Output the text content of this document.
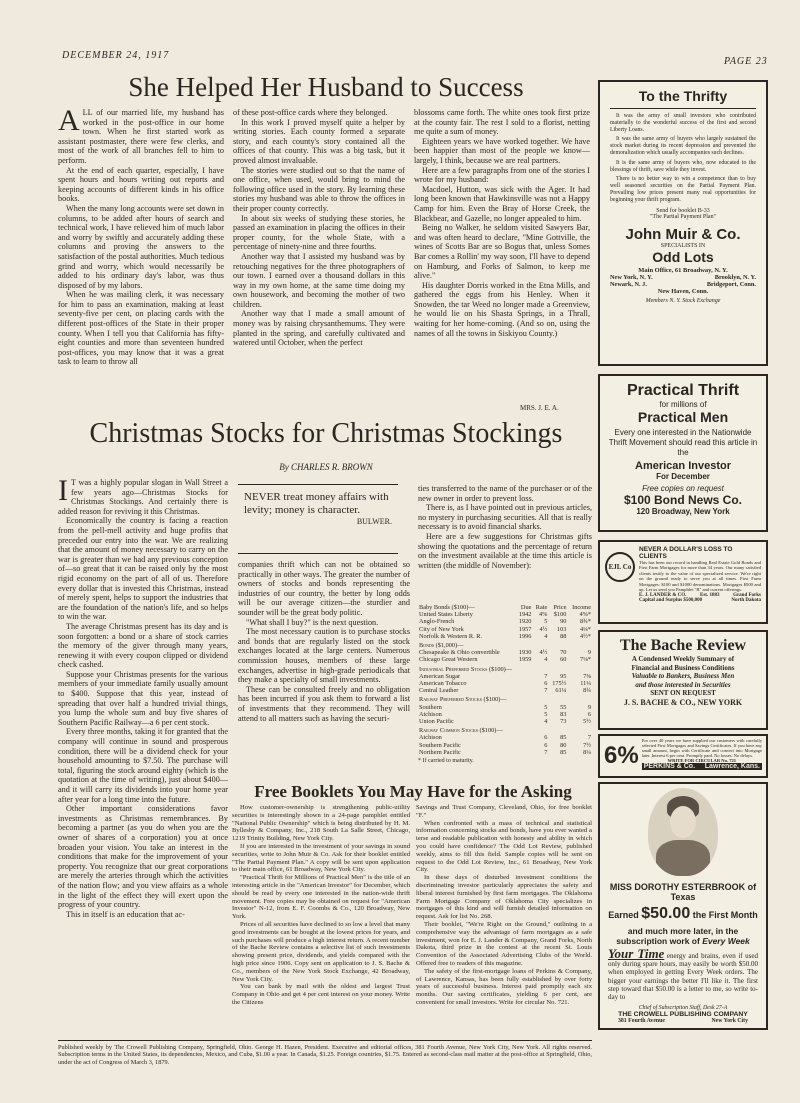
DECEMBER 24, 1917
PAGE 23
She Helped Her Husband to Success

ALL of our married life, my husband has worked in the post-office in our home town. When he first started work as assistant postmaster, there were few clerks, and most of the work of all branches fell to him to perform.

At the end of each quarter, especially, I have spent hours and hours writing out reports and keeping accounts of different kinds in his office books.

When the many long accounts were set down in columns, to be added after hours of search and technical work, I have relieved him of much labor and worry by swiftly and accurately adding these columns and proving the answers to the satisfaction of the postal authorities. Much tedious grind and worry, which would necessarily be added to his ordinary day's labor, was thus disposed of by my labors.

When he was mailing clerk, it was necessary for him to pass an examination, making at least seventy-five per cent, on placing cards with the different post-offices of the State in their proper county. When I tell you that California has fifty-eight counties and more than seventeen hundred post-offices, you may know that it was a great task to learn to throw all

of these post-office cards where they belonged.

In this work I proved myself quite a helper by writing stories. Each county formed a separate story, and each county's story contained all the offices of that county. This was a big task, but it proved almost invaluable.

The stories were studied out so that the name of one office, when used, would bring to mind the following office used in the story. By learning these stories my husband was able to throw the offices in their proper county correctly.

In about six weeks of studying these stories, he passed an examination in placing the offices in their proper county, for the whole State, with a percentage of ninety-nine and three fourths.

Another way that I assisted my husband was by retouching negatives for the three photographers of our town. I earned over a thousand dollars in this way in my own home, at the same time doing my own housework, and becoming the mother of two children.

Another way that I made a small amount of money was by raising chrysanthemums. They were planted in the spring, and carefully cultivated and watered until October, when the perfect

blossoms came forth. The white ones took first prize at the county fair. The rest I sold to a florist, netting me quite a sum of money.

Eighteen years we have worked together. We have been happier than most of the people we know—largely, I think, because we are real partners.

Here are a few paragraphs from one of the stories I wrote for my husband:

Macdoel, Hutton, was sick with the Ager. It had long been known that Hawkinsville was not a Happy Camp for him. Even the Bray of Horse Creek, the Blackbear, and Gazelle, no longer appealed to him.

Being no Walker, he seldom visited Sawyers Bar, and was often heard to declare, "Mine Gottville, the wines of Scotts Bar are so Bogus that, unless Somes Bar comes a Rollin' my way soon, I'll have to depend on Hamburg, and Forks of Salmon, to keep me alive."

His daughter Dorris worked in the Etna Mills, and gathered the eggs from his Henley. When it Snowden, the tar Weed no longer made a Greenview, he would lie on his Shasta Springs, in a Thrall, waiting for her home-coming. (And so on, using the names of all the towns in Siskiyou County.)

MRS. J. E. A.
Christmas Stocks for Christmas Stockings
By CHARLES R. BROWN

IT was a highly popular slogan in Wall Street a few years ago—Christmas Stocks for Christmas Stockings. And certainly there is added reason for reviving it this Christmas.

Economically the country is facing a reaction from the pell-mell activity and huge profits that preceded our entry into the war. We are realizing that the amount of money necessary to carry on the war is greater than we had any previous conception of—so great that it can be raised only by the most rigid economy on the part of all of us. Therefore every dollar that is invested this Christmas, instead of merely spent, helps to support the industries that are the foundation of the nation's life, and so helps to win the war.

The average Christmas present has its day and is soon forgotten: a bond or a share of stock carries the memory of the giver through many years, renewing it with every coupon clipped or dividend check cashed.

Suppose your Christmas presents for the various members of your immediate family usually amount to $400. Suppose that this year, instead of spreading that over half a hundred trivial things, you lump the whole sum and buy five shares of Southern Pacific Railway—a 6 per cent stock.

Every three months, taking it for granted that the company will continue in sound and prosperous condition, there will be a dividend check for your household amounting to $7.50. The purchase will total, figuring the stock around eighty (which is the quotation at the time of writing), just about $400—and it will carry its dividends into your home year after year for a long time into the future.

Other important considerations favor investments as Christmas remembrances. By becoming a partner (as you do when you are the owner of shares of a corporation) you at once broaden your vision. You take an interest in the conditions that make for the improvement of your property. You recognize that our great corporations are merely the arteries through which the activities of the nation flow; and you view affairs as a whole in the light of the effect they will exert upon the progress of your country.

This in itself is an education that ac-

NEVER treat money affairs with levity; money is character.
BULWER.

companies thrift which can not be obtained so practically in other ways. The greater the number of owners of stocks and bonds representing the industries of our country, the better by long odds will be our average citizen—the sturdier and sounder will be the great body politic.

"What shall I buy?" is the next question.

The most necessary caution is to purchase stocks and bonds that are regularly listed on the stock exchanges located at the large centers. Numerous commission houses, members of these large exchanges, advertise in high-grade periodicals that they make a specialty of small investments.

These can be consulted freely and no obligation has been incurred if you ask them to forward a list of investments that they recommend. They will attend to all matters such as having the securi-

ties transferred to the name of the purchaser or of the new owner in order to prevent loss.

There is, as I have pointed out in previous articles, no mystery in purchasing securities. All that is really necessary is to avoid financial sharks.

Here are a few suggestions for Christmas gifts showing the quotations and the percentage of return on the investment available at the time this article is written (the middle of November):

Baby Bonds ($100)—	Due	Rate	Price	Income
United States Liberty	1942	4%	$100	4%*
Anglo-French	1920	5	90	8¾*
City of New York	1957	4½	103	4¼*
Norfolk & Western R. R.	1996	4	88	4½*
Bonds ($1,000)—				
Chesapeake & Ohio convertible	1930	4½	70	9
Chicago Great Western	1959	4	60	7⅛*
Industrial Preferred Stocks ($100)—				
American Sugar		7	95	7⅜
American Tobacco		6	175½	11¼
Central Leather		7	61¼	8¾
Railway Preferred Stocks ($100)—				
Southern		5	55	9
Atchison		5	83	6
Union Pacific		4	73	5½
Railway Common Stocks ($100)—				
Atchison		6	85	7
Southern Pacific		6	80	7½
Northern Pacific		7	85	8¼
* If carried to maturity.
Free Booklets You May Have for the Asking

How customer-ownership is strengthening public-utility securities is interestingly shown in a 24-page pamphlet entitled "National Public Ownership" which is being distributed by H. M. Byllesby & Company, Inc., 218 South La Salle Street, Chicago, 1219 Trinity Building, New York City.

If you are interested in the investment of your savings in sound securities, write to John Muir & Co. Ask for their booklet entitled "The Partial Payment Plan." A copy will be sent upon application to their main office, 61 Broadway, New York City.

"Practical Thrift for Millions of Practical Men" is the title of an interesting article in the "American Investor" for December, which should be read by every one interested in the nation-wide thrift movement. Free copies may be obtained on request for "American Investor" N-12, from E. F. Coombs & Co., 120 Broadway, New York.

Prices of all securities have declined to so low a level that many good investments can be bought at the lowest prices for years, and such purchases will produce a high interest return. A recent number of the Bache Review contains a selective list of such investments showing present price, dividends, and yields compared with the high price since 1906. Copy sent on application to J. S. Bache & Co., members of the New York Stock Exchange, 42 Broadway, New York City.

You can bank by mail with the oldest and largest Trust Company in Ohio and get 4 per cent interest on your money. Write the Citizens

Savings and Trust Company, Cleveland, Ohio, for free booklet "F."

When confronted with a mass of technical and statistical information concerning stocks and bonds, have you ever wanted a terse and readable publication with honesty and ability in which you could have confidence? The Odd Lot Review, published weekly, aims to fill this field. Sample copies will be sent on request to the Odd Lot Review, Inc., 61 Broadway, New York City.

In these days of disturbed investment conditions the discriminating investor particularly appreciates the safety and liberal interest furnished by first farm mortgages. The Oklahoma Farm Mortgage Company of Oklahoma City specializes in mortgages of this kind and will furnish detailed information on request. Ask for list No. 268.

Their booklet, "We're Right on the Ground," outlining in a comprehensive way the advantage of farm mortgages as a safe investment, won for E. J. Lander & Company, Grand Forks, North Dakota, third prize in the contest at the recent St. Louis Convention of the Associated Advertising Clubs of the World. Offered free to readers of this magazine.

The safety of the first-mortgage loans of Perkins & Company, of Lawrence, Kansas, has been fully established by over forty years of successful business. Interest paid promptly each six months. Our saving certificates, yielding 6 per cent, are convenient for small investors. Write for circular No. 721.

Published weekly by The Crowell Publishing Company, Springfield, Ohio. George H. Hazen, President. Executive and editorial offices, 381 Fourth Avenue, New York City, New York. All rights reserved. Subscription terms in the United States, its dependencies, Mexico, and Cuba, $1.00 a year. In Canada, $1.25. Foreign countries, $1.75. Entered as second-class mail matter at the post-office at Springfield, Ohio, under the act of Congress of March 3, 1879.
To the Thrifty

It was the army of small investors who contributed materially to the wonderful success of the first and second Liberty Loans.

It was the same army of buyers who largely sustained the stock market during its recent depression and prevented the demoralization which usually accompanies such declines.

It is the same army of buyers who, now educated to the blessings of thrift, save while they invest.

There is no better way to win a competence than to buy well seasoned securities on the Partial Payment Plan. Prevailing low prices present many real opportunities for beginning your thrift program.

Send for booklet B-33
"The Partial Payment Plan"
John Muir & Co.
SPECIALISTS IN
Odd Lots
Main Office, 61 Broadway, N. Y.
New York, N. Y.	Brooklyn, N. Y.
Newark, N. J.	Bridgeport, Conn.
New Haven, Conn.
Members N. Y. Stock Exchange
Practical Thrift
for millions of
Practical Men
Every one interested in the Nationwide Thrift Movement should read this article in the
American Investor
For December
Free copies on request
$100 Bond News Co.
120 Broadway, New York
EJL Co
NEVER A DOLLAR'S LOSS TO CLIENTS
This has been our record in handling Real Estate Gold Bonds and First Farm Mortgages for more than 34 years. Our many satisfied clients testify to the value of our specialized service. We're right on the ground ready to serve you at all times. First Farm Mortgages: $100 and $1000 denominations. Mortgages $500 and up. Let us send you Pamphlet "B" and current offerings.
E. J. LANDER & CO.	Est. 1883	Grand Forks
Capital and Surplus $500,000	North Dakota
The Bache Review
A Condensed Weekly Summary of
Financial and Business Conditions
Valuable to Bankers, Business Men
and those interested in Securities
SENT ON REQUEST
J. S. BACHE & CO., NEW YORK
6%
For over 40 years we have supplied our customers with carefully selected First Mortgages and Savings Certificates. If you have any small amount, begin with Certificate and convert into Mortgage later. Interest 6 per cent. Promptly paid. No losses. No delays.
WRITE FOR CIRCULAR No. 721
PERKINS & Co. Lawrence, Kans.
MISS DOROTHY ESTERBROOK of Texas
Earned $50.00 the First Month
and much more later, in the subscription work of Every Week
Your Time energy and brains, even if used only during spare hours, may easily be worth $50.00 when employed in getting Every Week orders. The bigger your earnings the better I'll like it. The first step toward that $50.00 is a letter to me, so write to-day to
Chief of Subscription Staff, Desk 27-A
THE CROWELL PUBLISHING COMPANY
381 Fourth Avenue	New York City
